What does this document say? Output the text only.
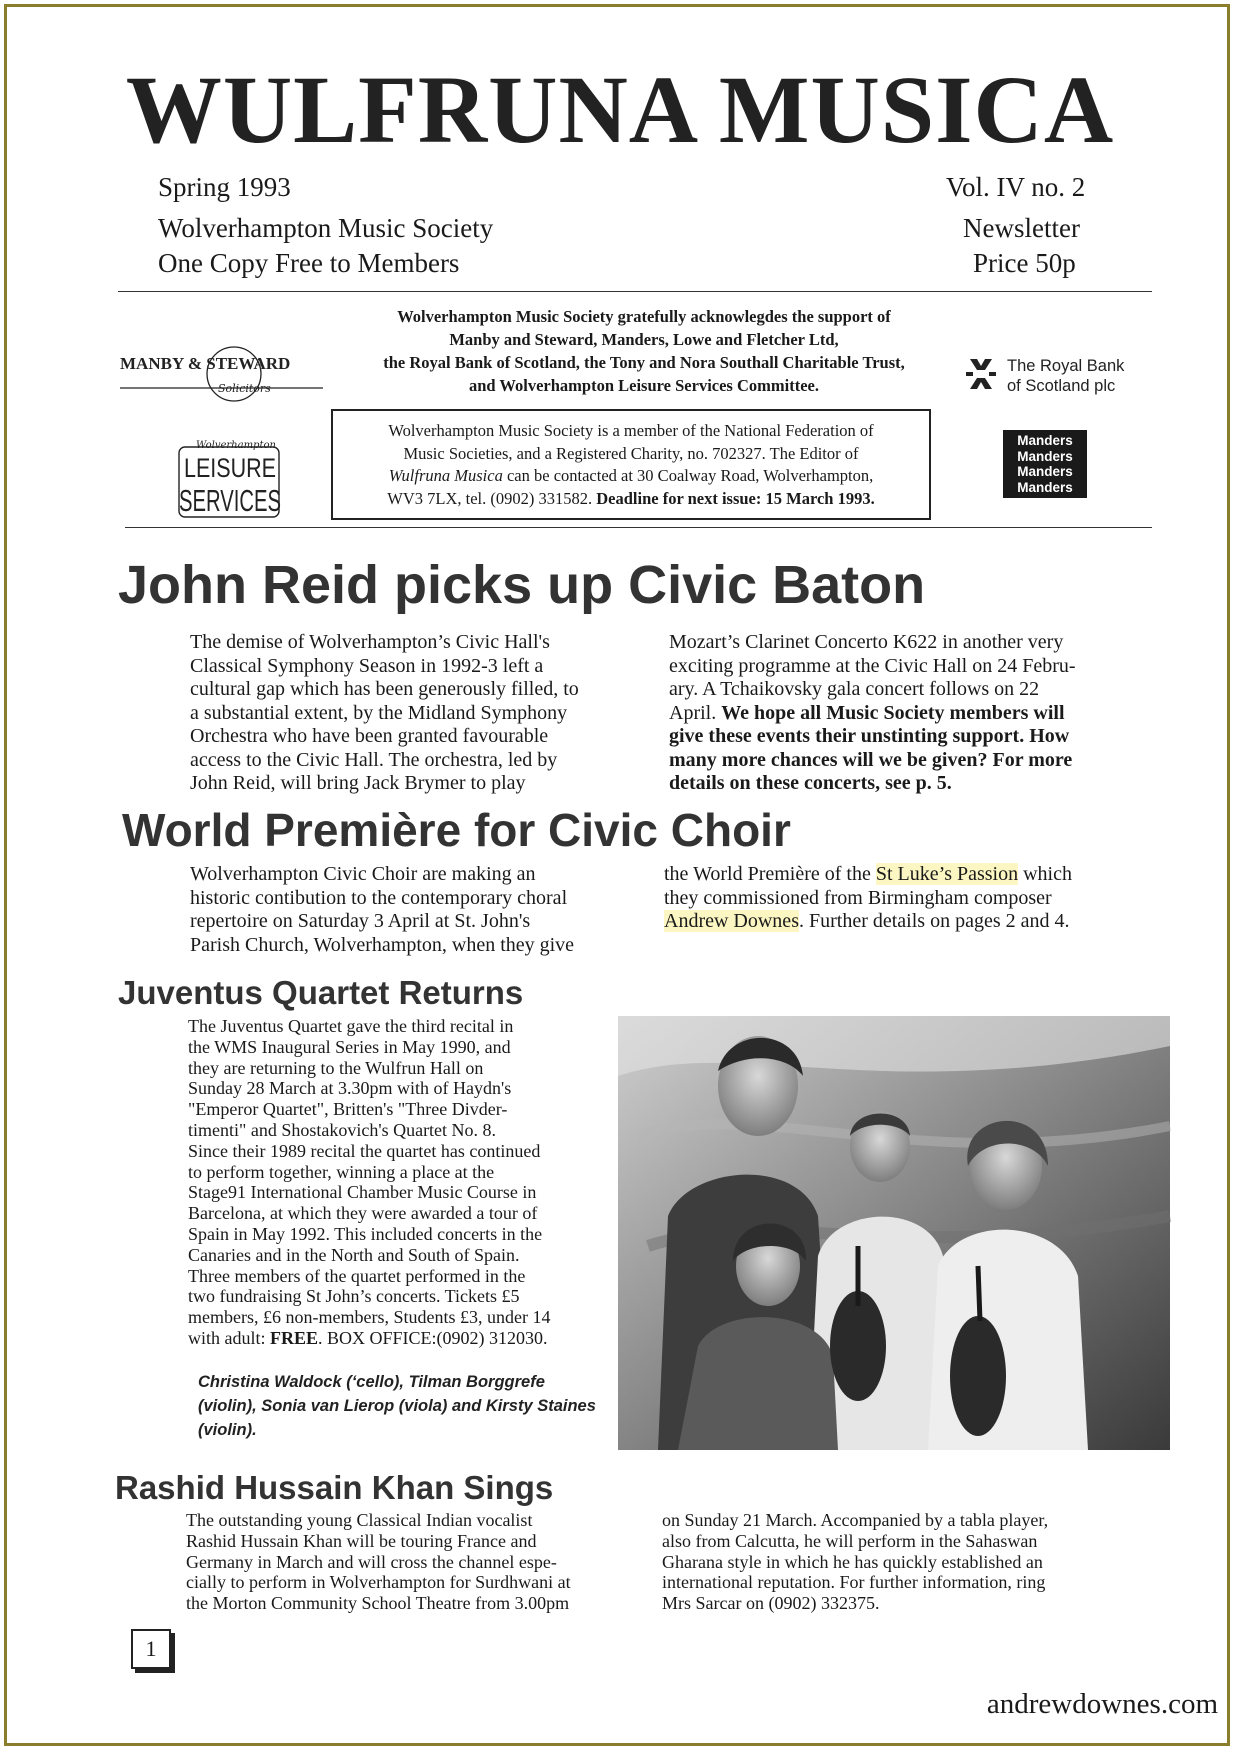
WULFRUNA MUSICA
Spring 1993	Vol. IV no. 2
Wolverhampton Music Society	Newsletter
One Copy Free to Members	Price 50p
MANBY & STEWARD
Solicitors
Wolverhampton
LEISURE
SERVICES
The Royal Bank
of Scotland plc
Manders
Manders
Manders
Manders
Wolverhampton Music Society gratefully acknowlegdes the support of
Manby and Steward, Manders, Lowe and Fletcher Ltd,
the Royal Bank of Scotland, the Tony and Nora Southall Charitable Trust,
and Wolverhampton Leisure Services Committee.
Wolverhampton Music Society is a member of the National Federation of
Music Societies, and a Registered Charity, no. 702327. The Editor of
Wulfruna Musica can be contacted at 30 Coalway Road, Wolverhampton,
WV3 7LX, tel. (0902) 331582. Deadline for next issue: 15 March 1993.
John Reid picks up Civic Baton
The demise of Wolverhampton’s Civic Hall's
Classical Symphony Season in 1992-3 left a
cultural gap which has been generously filled, to
a substantial extent, by the Midland Symphony
Orchestra who have been granted favourable
access to the Civic Hall. The orchestra, led by
John Reid, will bring Jack Brymer to play
Mozart’s Clarinet Concerto K622 in another very
exciting programme at the Civic Hall on 24 Febru-
ary. A Tchaikovsky gala concert follows on 22
April. We hope all Music Society members will
give these events their unstinting support. How
many more chances will we be given? For more
details on these concerts, see p. 5.
World Première for Civic Choir
Wolverhampton Civic Choir are making an
historic contibution to the contemporary choral
repertoire on Saturday 3 April at St. John's
Parish Church, Wolverhampton, when they give
the World Première of the St Luke’s Passion which
they commissioned from Birmingham composer
Andrew Downes. Further details on pages 2 and 4.
Juventus Quartet Returns
The Juventus Quartet gave the third recital in
the WMS Inaugural Series in May 1990, and
they are returning to the Wulfrun Hall on
Sunday 28 March at 3.30pm with of Haydn's
"Emperor Quartet", Britten's "Three Divder-
timenti" and Shostakovich's Quartet No. 8.
Since their 1989 recital the quartet has continued
to perform together, winning a place at the
Stage91 International Chamber Music Course in
Barcelona, at which they were awarded a tour of
Spain in May 1992. This included concerts in the
Canaries and in the North and South of Spain.
Three members of the quartet performed in the
two fundraising St John’s concerts. Tickets £5
members, £6 non-members, Students £3, under 14
with adult: FREE. BOX OFFICE:(0902) 312030.
Christina Waldock (‘cello), Tilman Borggrefe
(violin), Sonia van Lierop (viola) and Kirsty Staines
(violin).
Rashid Hussain Khan Sings
The outstanding young Classical Indian vocalist
Rashid Hussain Khan will be touring France and
Germany in March and will cross the channel espe-
cially to perform in Wolverhampton for Surdhwani at
the Morton Community School Theatre from 3.00pm
on Sunday 21 March. Accompanied by a tabla player,
also from Calcutta, he will perform in the Sahaswan
Gharana style in which he has quickly established an
international reputation. For further information, ring
Mrs Sarcar on (0902) 332375.
1
andrewdownes.com
